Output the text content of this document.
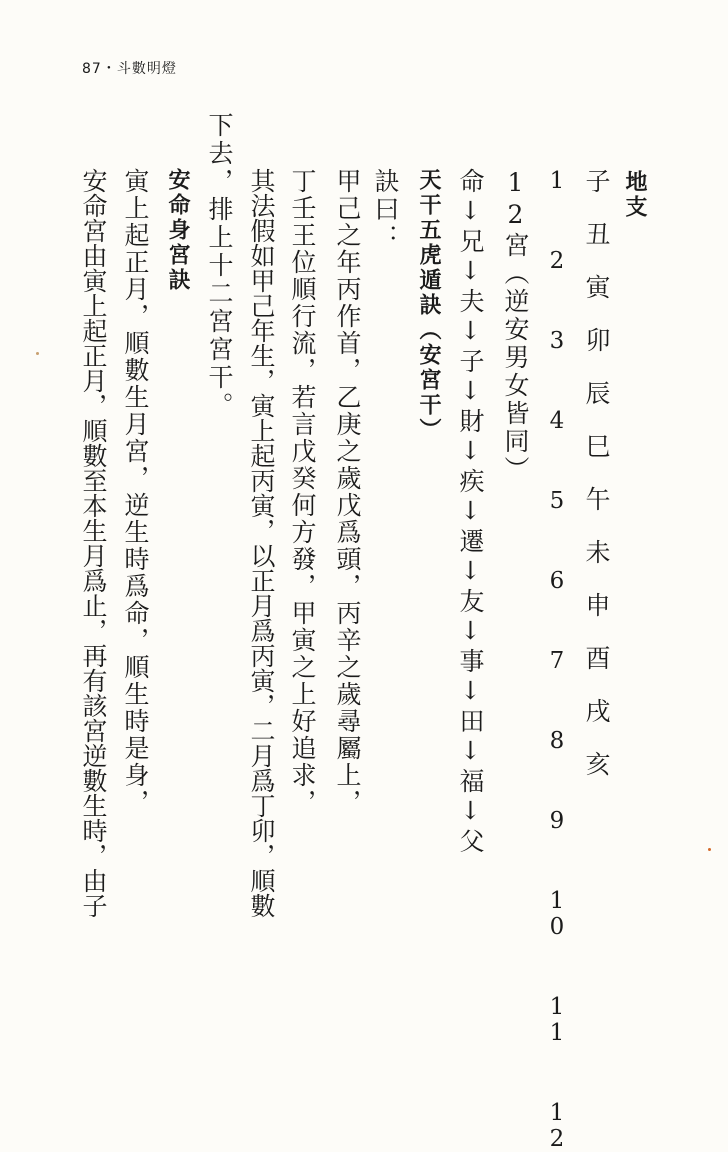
87・斗數明燈
地支
子丑寅卯辰巳午未申酉戌亥
1 2 3 4 5 6 7 8 9 10 11 12
12宮（逆安男女皆同）
命↓兄↓夫↓子↓財↓疾↓遷↓友↓事↓田↓福↓父
天干五虎遁訣（安宮干）
訣曰：
甲己之年丙作首，乙庚之歲戊爲頭，丙辛之歲尋屬上，
丁壬王位順行流，若言戊癸何方發，甲寅之上好追求，
其法假如甲己年生，寅上起丙寅，以正月爲丙寅，二月爲丁卯，順數
下去，排上十二宮宮干。
安命身宮訣
寅上起正月，順數生月宮，逆生時爲命，順生時是身，
安命宮由寅上起正月，順數至本生月爲止，再有該宮逆數生時，由子
